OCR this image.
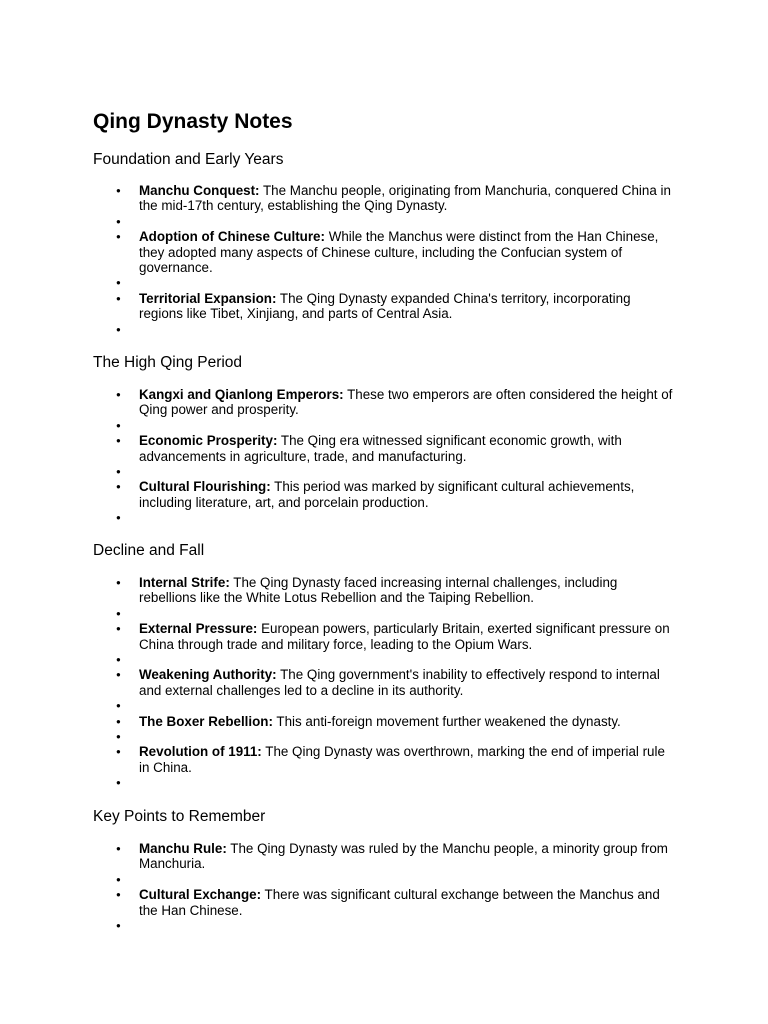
Qing Dynasty Notes
Foundation and Early Years
● Manchu Conquest: The Manchu people, originating from Manchuria, conquered China in the mid-17th century, establishing the Qing Dynasty.
●
● Adoption of Chinese Culture: While the Manchus were distinct from the Han Chinese, they adopted many aspects of Chinese culture, including the Confucian system of governance.
●
● Territorial Expansion: The Qing Dynasty expanded China's territory, incorporating regions like Tibet, Xinjiang, and parts of Central Asia.
●
The High Qing Period
● Kangxi and Qianlong Emperors: These two emperors are often considered the height of Qing power and prosperity.
●
● Economic Prosperity: The Qing era witnessed significant economic growth, with advancements in agriculture, trade, and manufacturing.
●
● Cultural Flourishing: This period was marked by significant cultural achievements, including literature, art, and porcelain production.
●
Decline and Fall
● Internal Strife: The Qing Dynasty faced increasing internal challenges, including rebellions like the White Lotus Rebellion and the Taiping Rebellion.
●
● External Pressure: European powers, particularly Britain, exerted significant pressure on China through trade and military force, leading to the Opium Wars.
●
● Weakening Authority: The Qing government's inability to effectively respond to internal and external challenges led to a decline in its authority.
●
● The Boxer Rebellion: This anti-foreign movement further weakened the dynasty.
●
● Revolution of 1911: The Qing Dynasty was overthrown, marking the end of imperial rule in China.
●
Key Points to Remember
● Manchu Rule: The Qing Dynasty was ruled by the Manchu people, a minority group from Manchuria.
●
● Cultural Exchange: There was significant cultural exchange between the Manchus and the Han Chinese.
●
